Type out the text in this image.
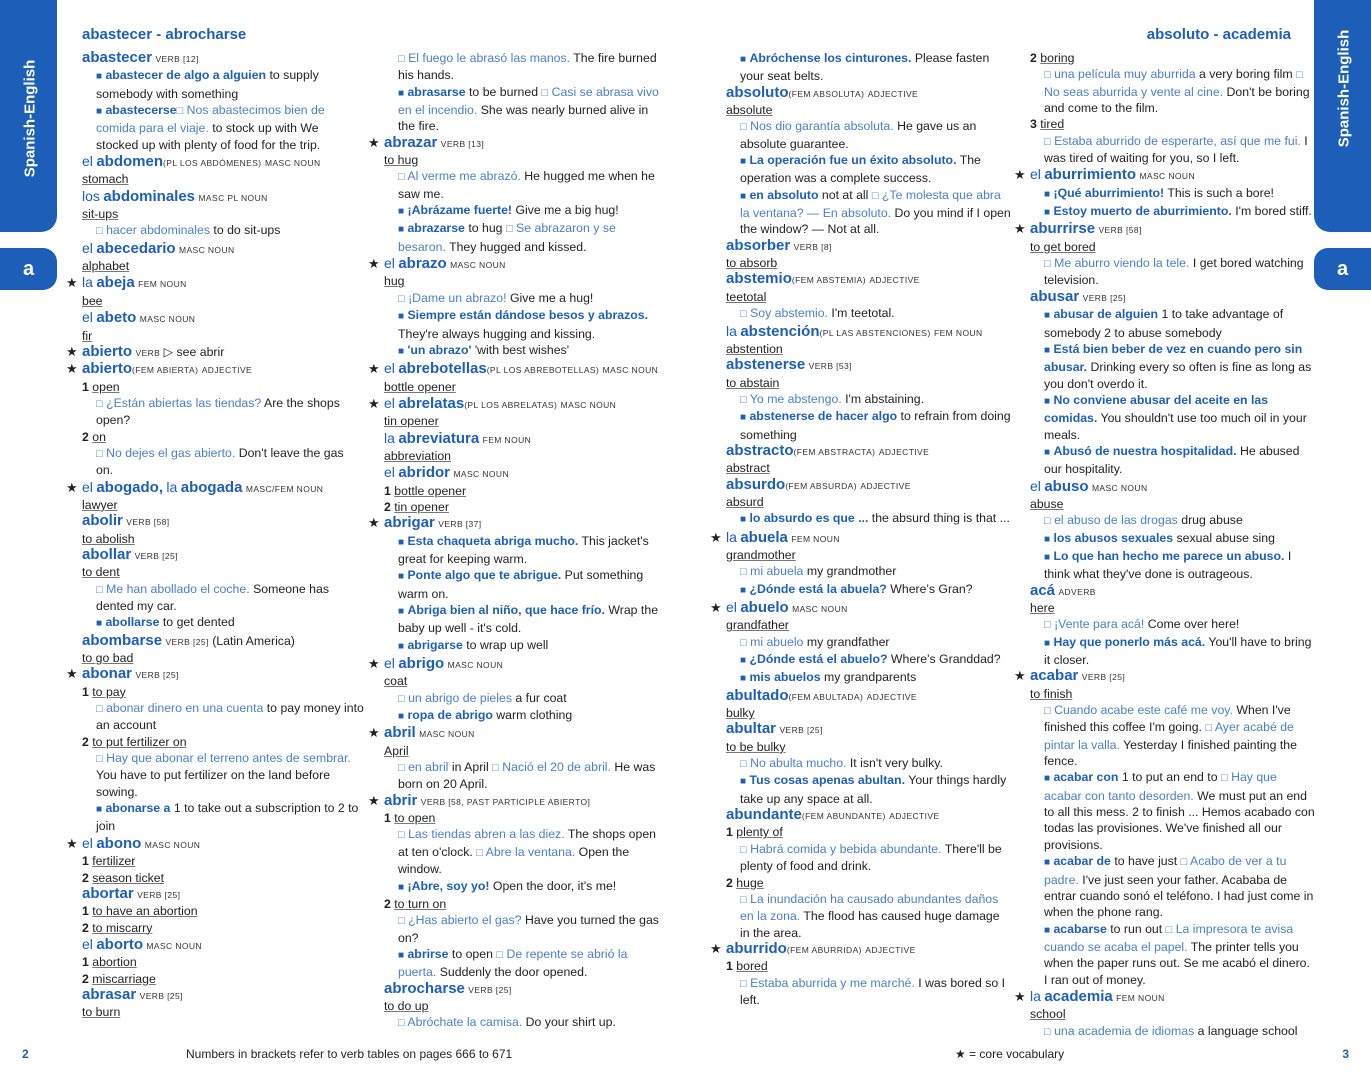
Spanish-English
a
Spanish-English
a
abastecer - abrocharse	absoluto - academia
abastecer VERB [12]
■ abastecer de algo a alguien to supply somebody with something
■ abastecerse□ Nos abastecimos bien de comida para el viaje. to stock up with We stocked up with plenty of food for the trip.
el abdomen(PL LOS ABDÓMENES) MASC NOUN
stomach
los abdominales MASC PL NOUN
sit-ups
□ hacer abdominales to do sit-ups
el abecedario MASC NOUN
alphabet
★ la abeja FEM NOUN
bee
el abeto MASC NOUN
fir
★ abierto VERB ▷ see abrir
★ abierto(FEM ABIERTA) ADJECTIVE
1 open
□ ¿Están abiertas las tiendas? Are the shops open?
2 on
□ No dejes el gas abierto. Don't leave the gas on.
★ el abogado, la abogada MASC/FEM NOUN
lawyer
abolir VERB [58]
to abolish
abollar VERB [25]
to dent
□ Me han abollado el coche. Someone has dented my car.
■ abollarse to get dented
abombarse VERB [25] (Latin America)
to go bad
★ abonar VERB [25]
1 to pay
□ abonar dinero en una cuenta to pay money into an account
2 to put fertilizer on
□ Hay que abonar el terreno antes de sembrar. You have to put fertilizer on the land before sowing.
■ abonarse a 1 to take out a subscription to 2 to join
★ el abono MASC NOUN
1 fertilizer
2 season ticket
abortar VERB [25]
1 to have an abortion
2 to miscarry
el aborto MASC NOUN
1 abortion
2 miscarriage
abrasar VERB [25]
to burn
□ El fuego le abrasó las manos. The fire burned his hands.
■ abrasarse to be burned □ Casi se abrasa vivo en el incendio. She was nearly burned alive in the fire.
★ abrazar VERB [13]
to hug
□ Al verme me abrazó. He hugged me when he saw me.
■ ¡Abrázame fuerte! Give me a big hug!
■ abrazarse to hug □ Se abrazaron y se besaron. They hugged and kissed.
★ el abrazo MASC NOUN
hug
□ ¡Dame un abrazo! Give me a hug!
■ Siempre están dándose besos y abrazos. They're always hugging and kissing.
■ 'un abrazo' 'with best wishes'
★ el abrebotellas(PL LOS ABREBOTELLAS) MASC NOUN
bottle opener
★ el abrelatas(PL LOS ABRELATAS) MASC NOUN
tin opener
la abreviatura FEM NOUN
abbreviation
el abridor MASC NOUN
1 bottle opener
2 tin opener
★ abrigar VERB [37]
■ Esta chaqueta abriga mucho. This jacket's great for keeping warm.
■ Ponte algo que te abrigue. Put something warm on.
■ Abriga bien al niño, que hace frío. Wrap the baby up well - it's cold.
■ abrigarse to wrap up well
★ el abrigo MASC NOUN
coat
□ un abrigo de pieles a fur coat
■ ropa de abrigo warm clothing
★ abril MASC NOUN
April
□ en abril in April □ Nació el 20 de abril. He was born on 20 April.
★ abrir VERB [58, PAST PARTICIPLE ABIERTO]
1 to open
□ Las tiendas abren a las diez. The shops open at ten o'clock. □ Abre la ventana. Open the window.
■ ¡Abre, soy yo! Open the door, it's me!
2 to turn on
□ ¿Has abierto el gas? Have you turned the gas on?
■ abrirse to open □ De repente se abrió la puerta. Suddenly the door opened.
abrocharse VERB [25]
to do up
□ Abróchate la camisa. Do your shirt up.
■ Abróchense los cinturones. Please fasten your seat belts.
absoluto(FEM ABSOLUTA) ADJECTIVE
absolute
□ Nos dio garantía absoluta. He gave us an absolute guarantee.
■ La operación fue un éxito absoluto. The operation was a complete success.
■ en absoluto not at all □ ¿Te molesta que abra la ventana? — En absoluto. Do you mind if I open the window? — Not at all.
absorber VERB [8]
to absorb
abstemio(FEM ABSTEMIA) ADJECTIVE
teetotal
□ Soy abstemio. I'm teetotal.
la abstención(PL LAS ABSTENCIONES) FEM NOUN
abstention
abstenerse VERB [53]
to abstain
□ Yo me abstengo. I'm abstaining.
■ abstenerse de hacer algo to refrain from doing something
abstracto(FEM ABSTRACTA) ADJECTIVE
abstract
absurdo(FEM ABSURDA) ADJECTIVE
absurd
■ lo absurdo es que ... the absurd thing is that ...
★ la abuela FEM NOUN
grandmother
□ mi abuela my grandmother
■ ¿Dónde está la abuela? Where's Gran?
★ el abuelo MASC NOUN
grandfather
□ mi abuelo my grandfather
■ ¿Dónde está el abuelo? Where's Granddad?
■ mis abuelos my grandparents
abultado(FEM ABULTADA) ADJECTIVE
bulky
abultar VERB [25]
to be bulky
□ No abulta mucho. It isn't very bulky.
■ Tus cosas apenas abultan. Your things hardly take up any space at all.
abundante(FEM ABUNDANTE) ADJECTIVE
1 plenty of
□ Habrá comida y bebida abundante. There'll be plenty of food and drink.
2 huge
□ La inundación ha causado abundantes daños en la zona. The flood has caused huge damage in the area.
★ aburrido(FEM ABURRIDA) ADJECTIVE
1 bored
□ Estaba aburrida y me marché. I was bored so I left.
2 boring
□ una película muy aburrida a very boring film □ No seas aburrida y vente al cine. Don't be boring and come to the film.
3 tired
□ Estaba aburrido de esperarte, así que me fui. I was tired of waiting for you, so I left.
★ el aburrimiento MASC NOUN
■ ¡Qué aburrimiento! This is such a bore!
■ Estoy muerto de aburrimiento. I'm bored stiff.
★ aburrirse VERB [58]
to get bored
□ Me aburro viendo la tele. I get bored watching television.
abusar VERB [25]
■ abusar de alguien 1 to take advantage of somebody 2 to abuse somebody
■ Está bien beber de vez en cuando pero sin abusar. Drinking every so often is fine as long as you don't overdo it.
■ No conviene abusar del aceite en las comidas. You shouldn't use too much oil in your meals.
■ Abusó de nuestra hospitalidad. He abused our hospitality.
el abuso MASC NOUN
abuse
□ el abuso de las drogas drug abuse
■ los abusos sexuales sexual abuse sing
■ Lo que han hecho me parece un abuso. I think what they've done is outrageous.
acá ADVERB
here
□ ¡Vente para acá! Come over here!
■ Hay que ponerlo más acá. You'll have to bring it closer.
★ acabar VERB [25]
to finish
□ Cuando acabe este café me voy. When I've finished this coffee I'm going. □ Ayer acabé de pintar la valla. Yesterday I finished painting the fence.
■ acabar con 1 to put an end to □ Hay que acabar con tanto desorden. We must put an end to all this mess. 2 to finish ... Hemos acabado con todas las provisiones. We've finished all our provisions.
■ acabar de to have just □ Acabo de ver a tu padre. I've just seen your father. Acababa de entrar cuando sonó el teléfono. I had just come in when the phone rang.
■ acabarse to run out □ La impresora te avisa cuando se acaba el papel. The printer tells you when the paper runs out. Se me acabó el dinero. I ran out of money.
★ la academia FEM NOUN
school
□ una academia de idiomas a language school
2	Numbers in brackets refer to verb tables on pages 666 to 671	★ = core vocabulary	3
